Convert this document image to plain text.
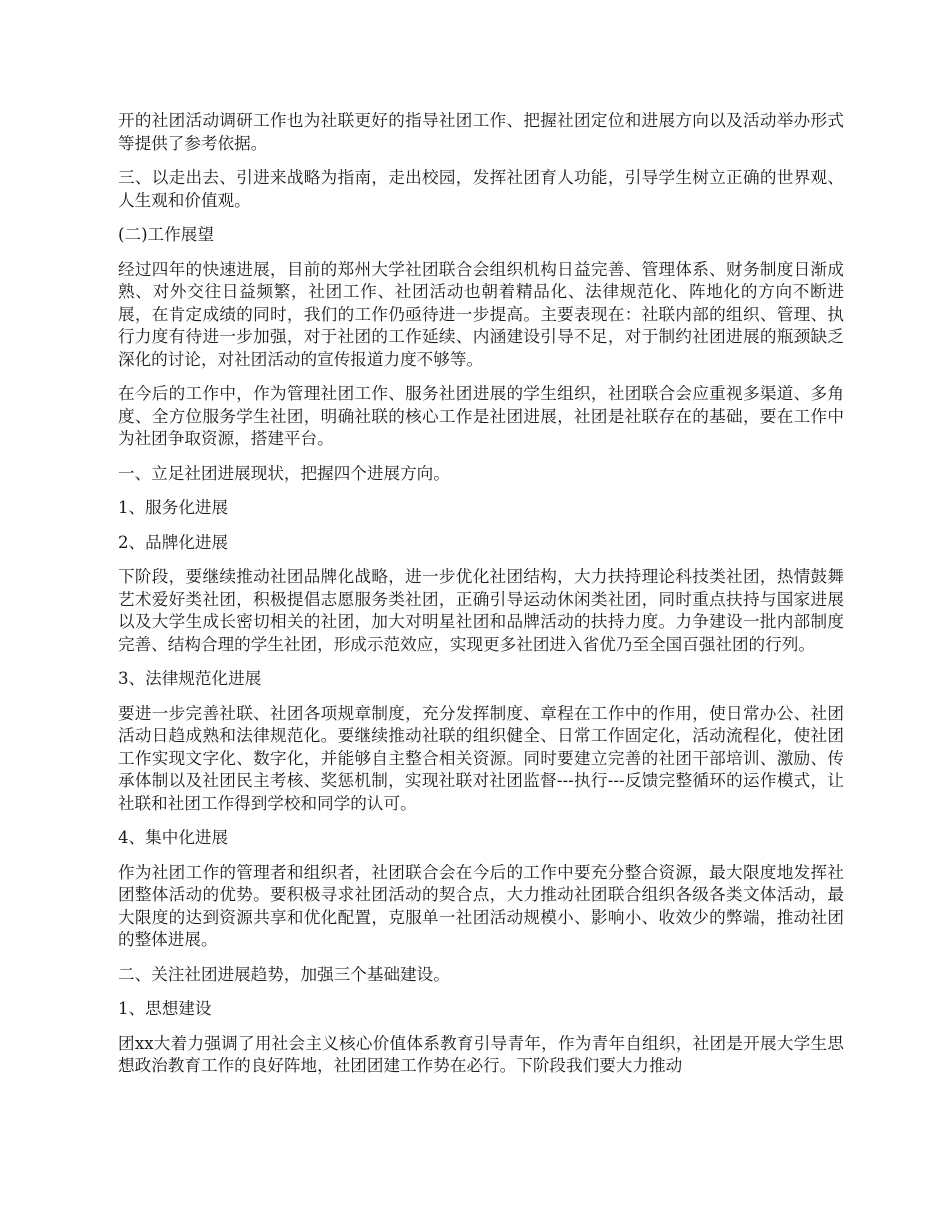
开的社团活动调研工作也为社联更好的指导社团工作、把握社团定位和进展方向以及活动举办形式等提供了参考依据。

三、以走出去、引进来战略为指南，走出校园，发挥社团育人功能，引导学生树立正确的世界观、人生观和价值观。

(二)工作展望

经过四年的快速进展，目前的郑州大学社团联合会组织机构日益完善、管理体系、财务制度日渐成熟、对外交往日益频繁，社团工作、社团活动也朝着精品化、法律规范化、阵地化的方向不断进展，在肯定成绩的同时，我们的工作仍亟待进一步提高。主要表现在：社联内部的组织、管理、执行力度有待进一步加强，对于社团的工作延续、内涵建设引导不足，对于制约社团进展的瓶颈缺乏深化的讨论，对社团活动的宣传报道力度不够等。

在今后的工作中，作为管理社团工作、服务社团进展的学生组织，社团联合会应重视多渠道、多角度、全方位服务学生社团，明确社联的核心工作是社团进展，社团是社联存在的基础，要在工作中为社团争取资源，搭建平台。

一、立足社团进展现状，把握四个进展方向。

1、服务化进展

2、品牌化进展

下阶段，要继续推动社团品牌化战略，进一步优化社团结构，大力扶持理论科技类社团，热情鼓舞艺术爱好类社团，积极提倡志愿服务类社团，正确引导运动休闲类社团，同时重点扶持与国家进展以及大学生成长密切相关的社团，加大对明星社团和品牌活动的扶持力度。力争建设一批内部制度完善、结构合理的学生社团，形成示范效应，实现更多社团进入省优乃至全国百强社团的行列。

3、法律规范化进展

要进一步完善社联、社团各项规章制度，充分发挥制度、章程在工作中的作用，使日常办公、社团活动日趋成熟和法律规范化。要继续推动社联的组织健全、日常工作固定化，活动流程化，使社团工作实现文字化、数字化，并能够自主整合相关资源。同时要建立完善的社团干部培训、激励、传承体制以及社团民主考核、奖惩机制，实现社联对社团监督---执行---反馈完整循环的运作模式，让社联和社团工作得到学校和同学的认可。

4、集中化进展

作为社团工作的管理者和组织者，社团联合会在今后的工作中要充分整合资源，最大限度地发挥社团整体活动的优势。要积极寻求社团活动的契合点，大力推动社团联合组织各级各类文体活动，最大限度的达到资源共享和优化配置，克服单一社团活动规模小、影响小、收效少的弊端，推动社团的整体进展。

二、关注社团进展趋势，加强三个基础建设。

1、思想建设

团xx大着力强调了用社会主义核心价值体系教育引导青年，作为青年自组织，社团是开展大学生思想政治教育工作的良好阵地，社团团建工作势在必行。下阶段我们要大力推动
